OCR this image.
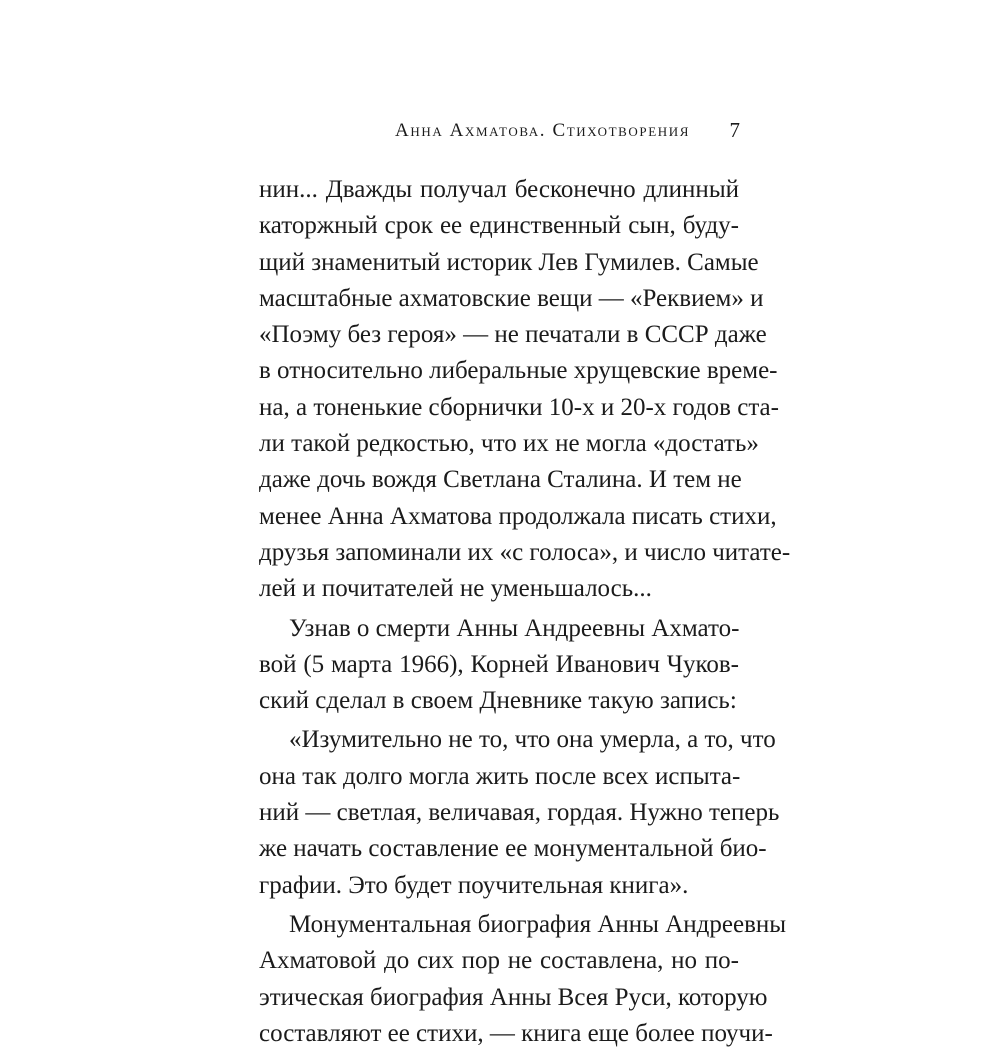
Анна Ахматова. Стихотворения 7
нин... Дважды получал бесконечно длинный
каторжный срок ее единственный сын, буду-
щий знаменитый историк Лев Гумилев. Самые
масштабные ахматовские вещи — «Реквием» и
«Поэму без героя» — не печатали в СССР даже
в относительно либеральные хрущевские време-
на, а тоненькие сборнички 10-х и 20-х годов ста-
ли такой редкостью, что их не могла «достать»
даже дочь вождя Светлана Сталина. И тем не
менее Анна Ахматова продолжала писать стихи,
друзья запоминали их «с голоса», и число читате-
лей и почитателей не уменьшалось...
Узнав о смерти Анны Андреевны Ахмато-
вой (5 марта 1966), Корней Иванович Чуков-
ский сделал в своем Дневнике такую запись:
«Изумительно не то, что она умерла, а то, что
она так долго могла жить после всех испыта-
ний — светлая, величавая, гордая. Нужно теперь
же начать составление ее монументальной био-
графии. Это будет поучительная книга».
Монументальная биография Анны Андреевны
Ахматовой до сих пор не составлена, но по-
этическая биография Анны Всея Руси, которую
составляют ее стихи, — книга еще более поучи-
